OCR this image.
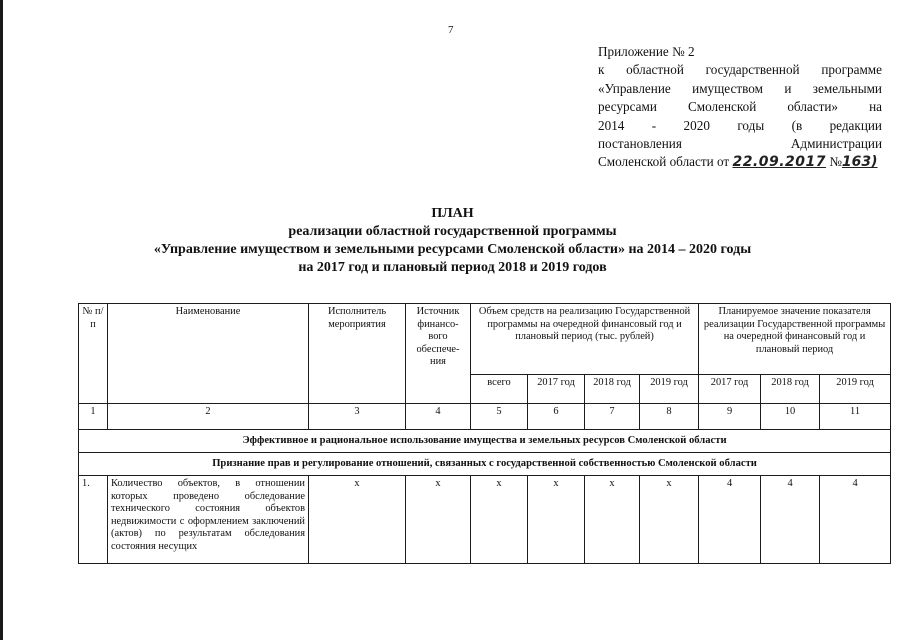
7
Приложение № 2
к областной государственной программе
«Управление имуществом и земельными
ресурсами Смоленской области» на
2014 - 2020 годы (в редакции
постановления Администрации
Смоленской области от 22.09.2017 №163)
ПЛАН
реализации областной государственной программы
«Управление имуществом и земельными ресурсами Смоленской области» на 2014 – 2020 годы
на 2017 год и плановый период 2018 и 2019 годов
№ п/п	Наименование	Исполнитель мероприятия	Источник финансо-вого обеспече-ния	Объем средств на реализацию Государственной программы на очередной финансовый год и плановый период (тыс. рублей)				Планируемое значение показателя реализации Государственной программы на очередной финансовый год и плановый период		
				всего	2017 год	2018 год	2019 год	2017 год	2018 год	2019 год
1	2	3	4	5	6	7	8	9	10	11
Эффективное и рациональное использование имущества и земельных ресурсов Смоленской области										
Признание прав и регулирование отношений, связанных с государственной собственностью Смоленской области										
1.	Количество объектов, в отношении которых проведено обследование технического состояния объектов недвижимости с оформлением заключений (актов) по результатам обследования состояния несущих	x	x	x	x	x	x	4	4	4
